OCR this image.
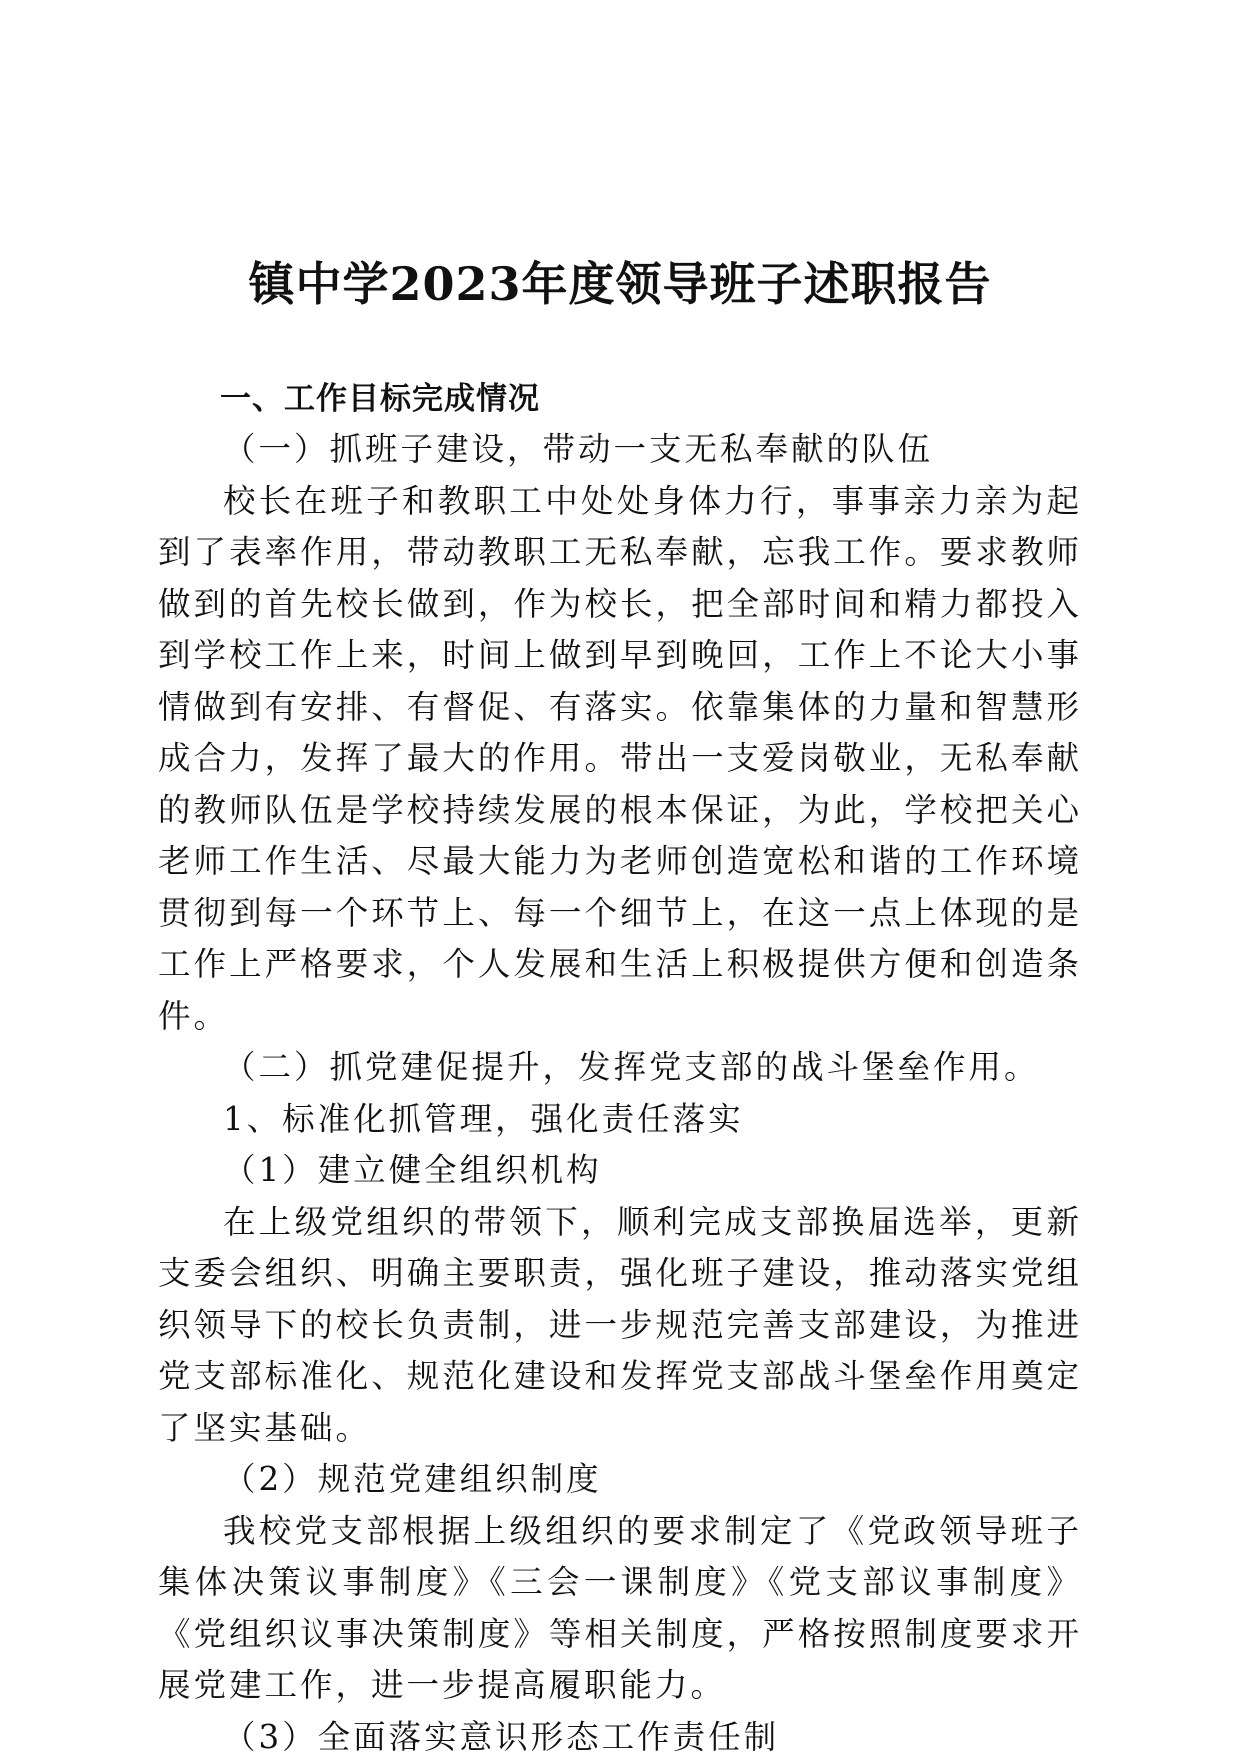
镇中学2023年度领导班子述职报告

一、工作目标完成情况

（一）抓班子建设，带动一支无私奉献的队伍

校长在班子和教职工中处处身体力行，事事亲力亲为起到了表率作用，带动教职工无私奉献，忘我工作。要求教师做到的首先校长做到，作为校长，把全部时间和精力都投入到学校工作上来，时间上做到早到晚回，工作上不论大小事情做到有安排、有督促、有落实。依靠集体的力量和智慧形成合力，发挥了最大的作用。带出一支爱岗敬业，无私奉献的教师队伍是学校持续发展的根本保证，为此，学校把关心老师工作生活、尽最大能力为老师创造宽松和谐的工作环境贯彻到每一个环节上、每一个细节上，在这一点上体现的是工作上严格要求，个人发展和生活上积极提供方便和创造条件。

（二）抓党建促提升，发挥党支部的战斗堡垒作用。

1、标准化抓管理，强化责任落实

（1）建立健全组织机构

在上级党组织的带领下，顺利完成支部换届选举，更新支委会组织、明确主要职责，强化班子建设，推动落实党组织领导下的校长负责制，进一步规范完善支部建设，为推进党支部标准化、规范化建设和发挥党支部战斗堡垒作用奠定了坚实基础。

（2）规范党建组织制度

我校党支部根据上级组织的要求制定了《党政领导班子集体决策议事制度》《三会一课制度》《党支部议事制度》《党组织议事决策制度》等相关制度，严格按照制度要求开展党建工作，进一步提高履职能力。

（3）全面落实意识形态工作责任制
